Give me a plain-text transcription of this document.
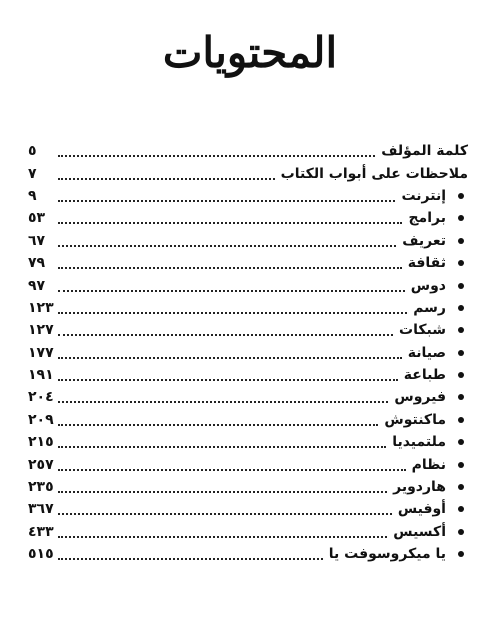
المحتويات
كلمة المؤلف
٥
ملاحظات على أبواب الكتاب
٧
إنترنت
٩
برامج
٥٣
تعريف
٦٧
ثقافة
٧٩
دوس
٩٧
رسم
١٢٣
شبكات
١٢٧
صيانة
١٧٧
طباعة
١٩١
فيروس
٢٠٤
ماكنتوش
٢٠٩
ملتميديا
٢١٥
نظام
٢٥٧
هاردوير
٢٣٥
أوفيس
٣٦٧
أكسيس
٤٣٣
يا ميكروسوفت يا
٥١٥
